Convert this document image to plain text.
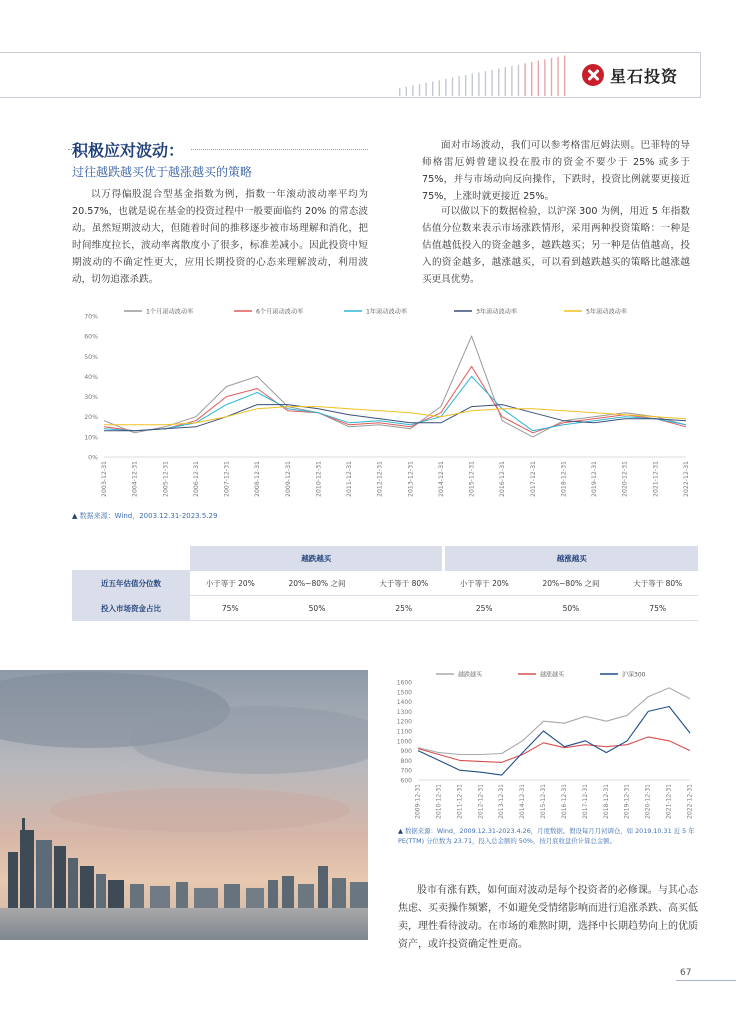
星石投资
积极应对波动：
过往越跌越买优于越涨越买的策略
以万得偏股混合型基金指数为例，指数一年滚动波动率平均为 20.57%，也就是说在基金的投资过程中一般要面临约 20% 的常态波动。虽然短期波动大，但随着时间的推移逐步被市场理解和消化，把时间维度拉长，波动率离散度小了很多，标准差减小。因此投资中短期波动的不确定性更大，应用长期投资的心态来理解波动，利用波动，切勿追涨杀跌。
面对市场波动，我们可以参考格雷厄姆法则。巴菲特的导师格雷厄姆曾建议投在股市的资金不要少于 25% 或多于 75%，并与市场动向反向操作，下跌时，投资比例就要更接近 75%，上涨时就更接近 25%。
可以做以下的数据检验，以沪深 300 为例，用近 5 年指数估值分位数来表示市场涨跌情形，采用两种投资策略：一种是估值越低投入的资金越多，越跌越买；另一种是估值越高，投入的资金越多，越涨越买，可以看到越跌越买的策略比越涨越买更具优势。
0%
10%
20%
30%
40%
50%
60%
70%
2003-12-31	2004-12-31	2005-12-31	2006-12-31	2007-12-31	2008-12-31	2009-12-31	2010-12-31	2011-12-31	2012-12-31	2013-12-31	2014-12-31	2015-12-31	2016-12-31	2017-12-31	2018-12-31	2019-12-31	2020-12-31	2021-12-31	2022-12-31
1个月滚动波动率	6个月滚动波动率	1年滚动波动率	3年滚动波动率	5年滚动波动率
▲ 数据来源：Wind，2003.12.31-2023.5.29
	越跌越买			越涨越买		
近五年估值分位数	小于等于 20%	20%~80% 之间	大于等于 80%	小于等于 20%	20%~80% 之间	大于等于 80%
投入市场资金占比	75%	50%	25%	25%	50%	75%
600
700
800
900
1000
1100
1200
1300
1400
1500
1600
2009-12-31 2010-12-31 2011-12-31 2012-12-31 2013-12-31 2014-12-31 2015-12-31 2016-12-31 2017-12-31 2018-12-31 2019-12-31 2020-12-31 2021-12-31 2022-12-31
越跌越买	越涨越买	沪深300
▲ 数据来源：Wind，2009.12.31-2023.4.26，月度数据。假设每月月初调仓，如 2019.10.31 近 5 年 PE(TTM) 分位数为 23.71，投入总金额的 50%，按月底收盘价计算总金额。
股市有涨有跌，如何面对波动是每个投资者的必修课。与其心态焦虑、买卖操作频繁，不如避免受情绪影响而进行追涨杀跌、高买低卖，理性看待波动。在市场的难熬时期，选择中长期趋势向上的优质资产，或许投资确定性更高。
67
